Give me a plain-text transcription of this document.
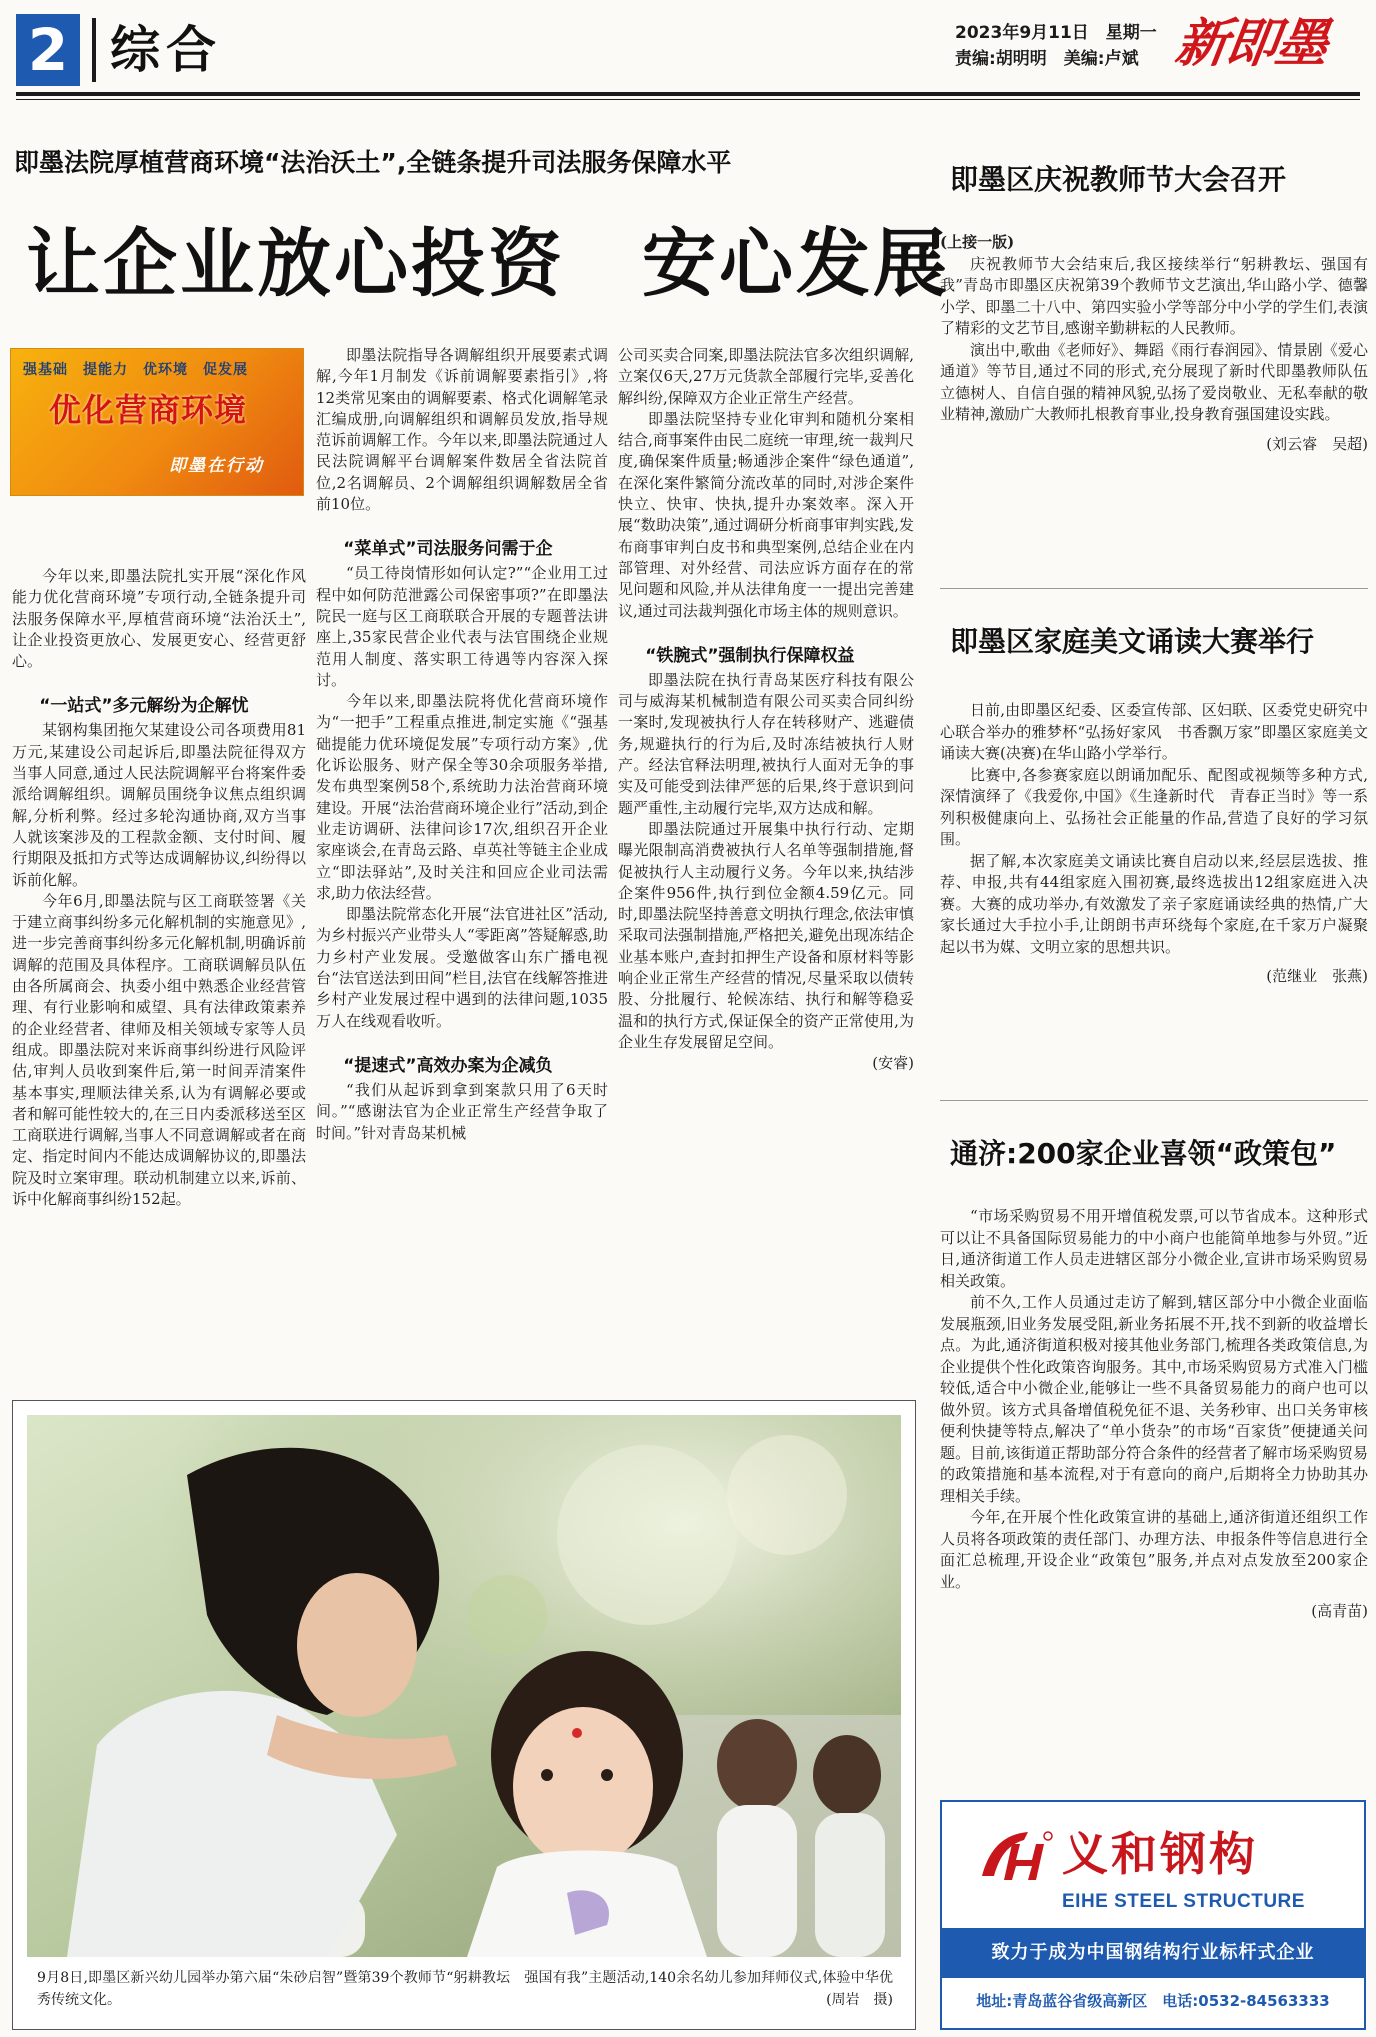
2 综合	2023年9月11日　星期一
责编:胡明明　美编:卢斌 新即墨
即墨法院厚植营商环境“法治沃土”,全链条提升司法服务保障水平
让企业放心投资　安心发展
强基础　提能力　优环境　促发展
优化营商环境
即墨在行动

今年以来,即墨法院扎实开展“深化作风能力优化营商环境”专项行动,全链条提升司法服务保障水平,厚植营商环境“法治沃土”,让企业投资更放心、发展更安心、经营更舒心。

“一站式”多元解纷为企解忧

某钢构集团拖欠某建设公司各项费用81万元,某建设公司起诉后,即墨法院征得双方当事人同意,通过人民法院调解平台将案件委派给调解组织。调解员围绕争议焦点组织调解,分析利弊。经过多轮沟通协商,双方当事人就该案涉及的工程款金额、支付时间、履行期限及抵扣方式等达成调解协议,纠纷得以诉前化解。

今年6月,即墨法院与区工商联签署《关于建立商事纠纷多元化解机制的实施意见》,进一步完善商事纠纷多元化解机制,明确诉前调解的范围及具体程序。工商联调解员队伍由各所属商会、执委小组中熟悉企业经营管理、有行业影响和威望、具有法律政策素养的企业经营者、律师及相关领域专家等人员组成。即墨法院对来诉商事纠纷进行风险评估,审判人员收到案件后,第一时间弄清案件基本事实,理顺法律关系,认为有调解必要或者和解可能性较大的,在三日内委派移送至区工商联进行调解,当事人不同意调解或者在商定、指定时间内不能达成调解协议的,即墨法院及时立案审理。联动机制建立以来,诉前、诉中化解商事纠纷152起。

即墨法院指导各调解组织开展要素式调解,今年1月制发《诉前调解要素指引》,将12类常见案由的调解要素、格式化调解笔录汇编成册,向调解组织和调解员发放,指导规范诉前调解工作。今年以来,即墨法院通过人民法院调解平台调解案件数居全省法院首位,2名调解员、2个调解组织调解数居全省前10位。

“菜单式”司法服务问需于企

“员工待岗情形如何认定?”“企业用工过程中如何防范泄露公司保密事项?”在即墨法院民一庭与区工商联联合开展的专题普法讲座上,35家民营企业代表与法官围绕企业规范用人制度、落实职工待遇等内容深入探讨。

今年以来,即墨法院将优化营商环境作为“一把手”工程重点推进,制定实施《“强基础提能力优环境促发展”专项行动方案》,优化诉讼服务、财产保全等30余项服务举措,发布典型案例58个,系统助力法治营商环境建设。开展“法治营商环境企业行”活动,到企业走访调研、法律问诊17次,组织召开企业家座谈会,在青岛云路、卓英社等链主企业成立“即法驿站”,及时关注和回应企业司法需求,助力依法经营。

即墨法院常态化开展“法官进社区”活动,为乡村振兴产业带头人“零距离”答疑解惑,助力乡村产业发展。受邀做客山东广播电视台“法官送法到田间”栏目,法官在线解答推进乡村产业发展过程中遇到的法律问题,1035万人在线观看收听。

“提速式”高效办案为企减负

“我们从起诉到拿到案款只用了6天时间。”“感谢法官为企业正常生产经营争取了时间。”针对青岛某机械

公司买卖合同案,即墨法院法官多次组织调解,立案仅6天,27万元货款全部履行完毕,妥善化解纠纷,保障双方企业正常生产经营。

即墨法院坚持专业化审判和随机分案相结合,商事案件由民二庭统一审理,统一裁判尺度,确保案件质量;畅通涉企案件“绿色通道”,在深化案件繁简分流改革的同时,对涉企案件快立、快审、快执,提升办案效率。深入开展“数助决策”,通过调研分析商事审判实践,发布商事审判白皮书和典型案例,总结企业在内部管理、对外经营、司法应诉方面存在的常见问题和风险,并从法律角度一一提出完善建议,通过司法裁判强化市场主体的规则意识。

“铁腕式”强制执行保障权益

即墨法院在执行青岛某医疗科技有限公司与威海某机械制造有限公司买卖合同纠纷一案时,发现被执行人存在转移财产、逃避债务,规避执行的行为后,及时冻结被执行人财产。经法官释法明理,被执行人面对无争的事实及可能受到法律严惩的后果,终于意识到问题严重性,主动履行完毕,双方达成和解。

即墨法院通过开展集中执行行动、定期曝光限制高消费被执行人名单等强制措施,督促被执行人主动履行义务。今年以来,执结涉企案件956件,执行到位金额4.59亿元。同时,即墨法院坚持善意文明执行理念,依法审慎采取司法强制措施,严格把关,避免出现冻结企业基本账户,查封扣押生产设备和原材料等影响企业正常生产经营的情况,尽量采取以债转股、分批履行、轮候冻结、执行和解等稳妥温和的执行方式,保证保全的资产正常使用,为企业生存发展留足空间。

(安睿)

9月8日,即墨区新兴幼儿园举办第六届“朱砂启智”暨第39个教师节“躬耕教坛　强国有我”主题活动,140余名幼儿参加拜师仪式,体验中华优秀传统文化。	(周岩　摄)
即墨区庆祝教师节大会召开

(上接一版)

庆祝教师节大会结束后,我区接续举行“躬耕教坛、强国有我”青岛市即墨区庆祝第39个教师节文艺演出,华山路小学、德馨小学、即墨二十八中、第四实验小学等部分中小学的学生们,表演了精彩的文艺节目,感谢辛勤耕耘的人民教师。

演出中,歌曲《老师好》、舞蹈《雨行春润园》、情景剧《爱心通道》等节目,通过不同的形式,充分展现了新时代即墨教师队伍立德树人、自信自强的精神风貌,弘扬了爱岗敬业、无私奉献的敬业精神,激励广大教师扎根教育事业,投身教育强国建设实践。

(刘云睿　吴超)

即墨区家庭美文诵读大赛举行

日前,由即墨区纪委、区委宣传部、区妇联、区委党史研究中心联合举办的雅梦杯“弘扬好家风　书香飘万家”即墨区家庭美文诵读大赛(决赛)在华山路小学举行。

比赛中,各参赛家庭以朗诵加配乐、配图或视频等多种方式,深情演绎了《我爱你,中国》《生逢新时代　青春正当时》等一系列积极健康向上、弘扬社会正能量的作品,营造了良好的学习氛围。

据了解,本次家庭美文诵读比赛自启动以来,经层层选拔、推荐、申报,共有44组家庭入围初赛,最终选拔出12组家庭进入决赛。大赛的成功举办,有效激发了亲子家庭诵读经典的热情,广大家长通过大手拉小手,让朗朗书声环绕每个家庭,在千家万户凝聚起以书为媒、文明立家的思想共识。

(范继业　张燕)

通济:200家企业喜领“政策包”

“市场采购贸易不用开增值税发票,可以节省成本。这种形式可以让不具备国际贸易能力的中小商户也能简单地参与外贸。”近日,通济街道工作人员走进辖区部分小微企业,宣讲市场采购贸易相关政策。

前不久,工作人员通过走访了解到,辖区部分中小微企业面临发展瓶颈,旧业务发展受阻,新业务拓展不开,找不到新的收益增长点。为此,通济街道积极对接其他业务部门,梳理各类政策信息,为企业提供个性化政策咨询服务。其中,市场采购贸易方式准入门槛较低,适合中小微企业,能够让一些不具备贸易能力的商户也可以做外贸。该方式具备增值税免征不退、关务秒审、出口关务审核便利快捷等特点,解决了“单小货杂”的市场“百家货”便捷通关问题。目前,该街道正帮助部分符合条件的经营者了解市场采购贸易的政策措施和基本流程,对于有意向的商户,后期将全力协助其办理相关手续。

今年,在开展个性化政策宣讲的基础上,通济街道还组织工作人员将各项政策的责任部门、办理方法、申报条件等信息进行全面汇总梳理,开设企业“政策包”服务,并点对点发放至200家企业。

(高青苗)

义和钢构
EIHE STEEL STRUCTURE
致力于成为中国钢结构行业标杆式企业
地址:青岛蓝谷省级高新区　电话:0532-84563333
